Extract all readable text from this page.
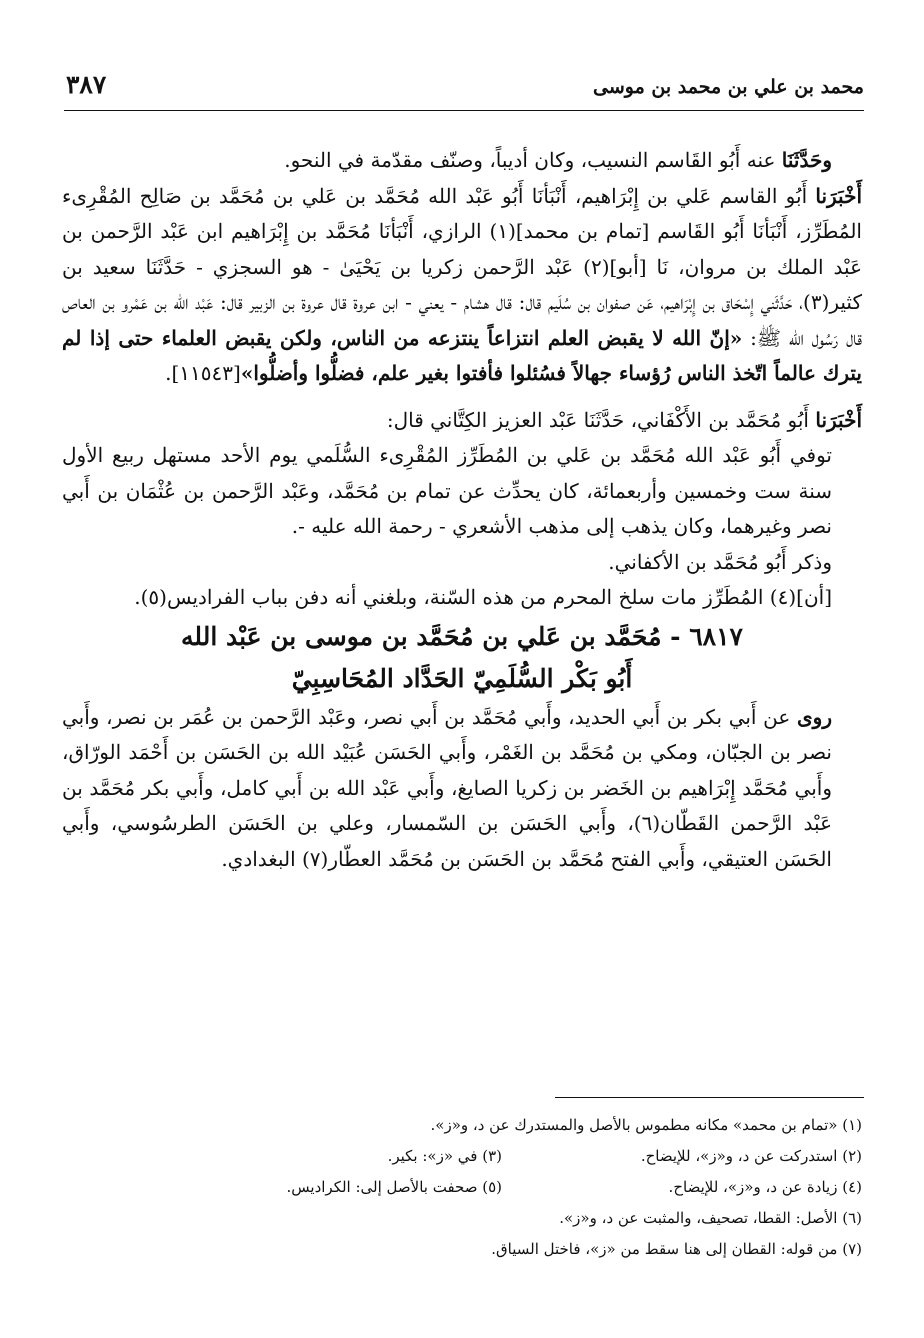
محمد بن علي بن محمد بن موسى
٣٨٧

وحَدَّثَنَا عنه أَبُو القَاسم النسيب، وكان أديباً، وصنّف مقدّمة في النحو.

أَخْبَرَنا أَبُو القاسم عَلي بن إِبْرَاهيم، أَنْبَأنَا أَبُو عَبْد الله مُحَمَّد بن عَلي بن مُحَمَّد بن صَالِح المُقْرِىء المُطَرِّز، أَنْبَأنَا أَبُو القَاسم [تمام بن محمد](١) الرازي، أَنْبَأنَا مُحَمَّد بن إِبْرَاهيم ابن عَبْد الرَّحمن بن عَبْد الملك بن مروان، نَا [أبو](٢) عَبْد الرَّحمن زكريا بن يَحْيَىٰ - هو السجزي - حَدَّثَنَا سعيد بن كثير(٣)، حَدَّثَني إِسْحَاق بن إِبْرَاهيم، عَن صفوان بن سُلَيم قال: قال هشام - يعني - ابن عروة قال عروة بن الزبير قال: عَبْد الله بن عَمْرو بن العاص قال رَسُول الله ﷺ: «إنّ الله لا يقبض العلم انتزاعاً ينتزعه من الناس، ولكن يقبض العلماء حتى إذا لم يترك عالماً اتّخذ الناس رُؤساء جهالاً فسُئلوا فأفتوا بغير علم، فضلُّوا وأضلُّوا»[١١٥٤٣].

أَخْبَرَنا أَبُو مُحَمَّد بن الأَكْفَاني، حَدَّثَنَا عَبْد العزيز الكِتَّاني قال:

توفي أَبُو عَبْد الله مُحَمَّد بن عَلي بن المُطَرِّز المُقْرِىء السُّلَمي يوم الأحد مستهل ربيع الأول سنة ست وخمسين وأربعمائة، كان يحدِّث عن تمام بن مُحَمَّد، وعَبْد الرَّحمن بن عُثْمَان بن أَبي نصر وغيرهما، وكان يذهب إلى مذهب الأشعري - رحمة الله عليه -.

وذكر أَبُو مُحَمَّد بن الأكفاني.

[أن](٤) المُطَرِّز مات سلخ المحرم من هذه السّنة، وبلغني أنه دفن بباب الفراديس(٥).

٦٨١٧ - مُحَمَّد بن عَلي بن مُحَمَّد بن موسى بن عَبْد الله

أَبُو بَكْر السُّلَمِيّ الحَدَّاد المُحَاسِبِيّ

روى عن أَبي بكر بن أَبي الحديد، وأَبي مُحَمَّد بن أَبي نصر، وعَبْد الرَّحمن بن عُمَر بن نصر، وأَبي نصر بن الجبّان، ومكي بن مُحَمَّد بن الغَمْر، وأَبي الحَسَن عُبَيْد الله بن الحَسَن بن أَحْمَد الورّاق، وأَبي مُحَمَّد إِبْرَاهيم بن الخَضر بن زكريا الصايغ، وأَبي عَبْد الله بن أَبي كامل، وأَبي بكر مُحَمَّد بن عَبْد الرَّحمن القَطّان(٦)، وأَبي الحَسَن بن السّمسار، وعلي بن الحَسَن الطرسُوسي، وأَبي الحَسَن العتيقي، وأَبي الفتح مُحَمَّد بن الحَسَن بن مُحَمَّد العطّار(٧) البغدادي.

(١) «تمام بن محمد» مكانه مطموس بالأصل والمستدرك عن د، و«ز».
(٢) استدركت عن د، و«ز»، للإيضاح.
(٣) في «ز»: بكير.
(٤) زيادة عن د، و«ز»، للإيضاح.
(٥) صحفت بالأصل إلى: الكراديس.
(٦) الأصل: القطا، تصحيف، والمثبت عن د، و«ز».
(٧) من قوله: القطان إلى هنا سقط من «ز»، فاختل السياق.
